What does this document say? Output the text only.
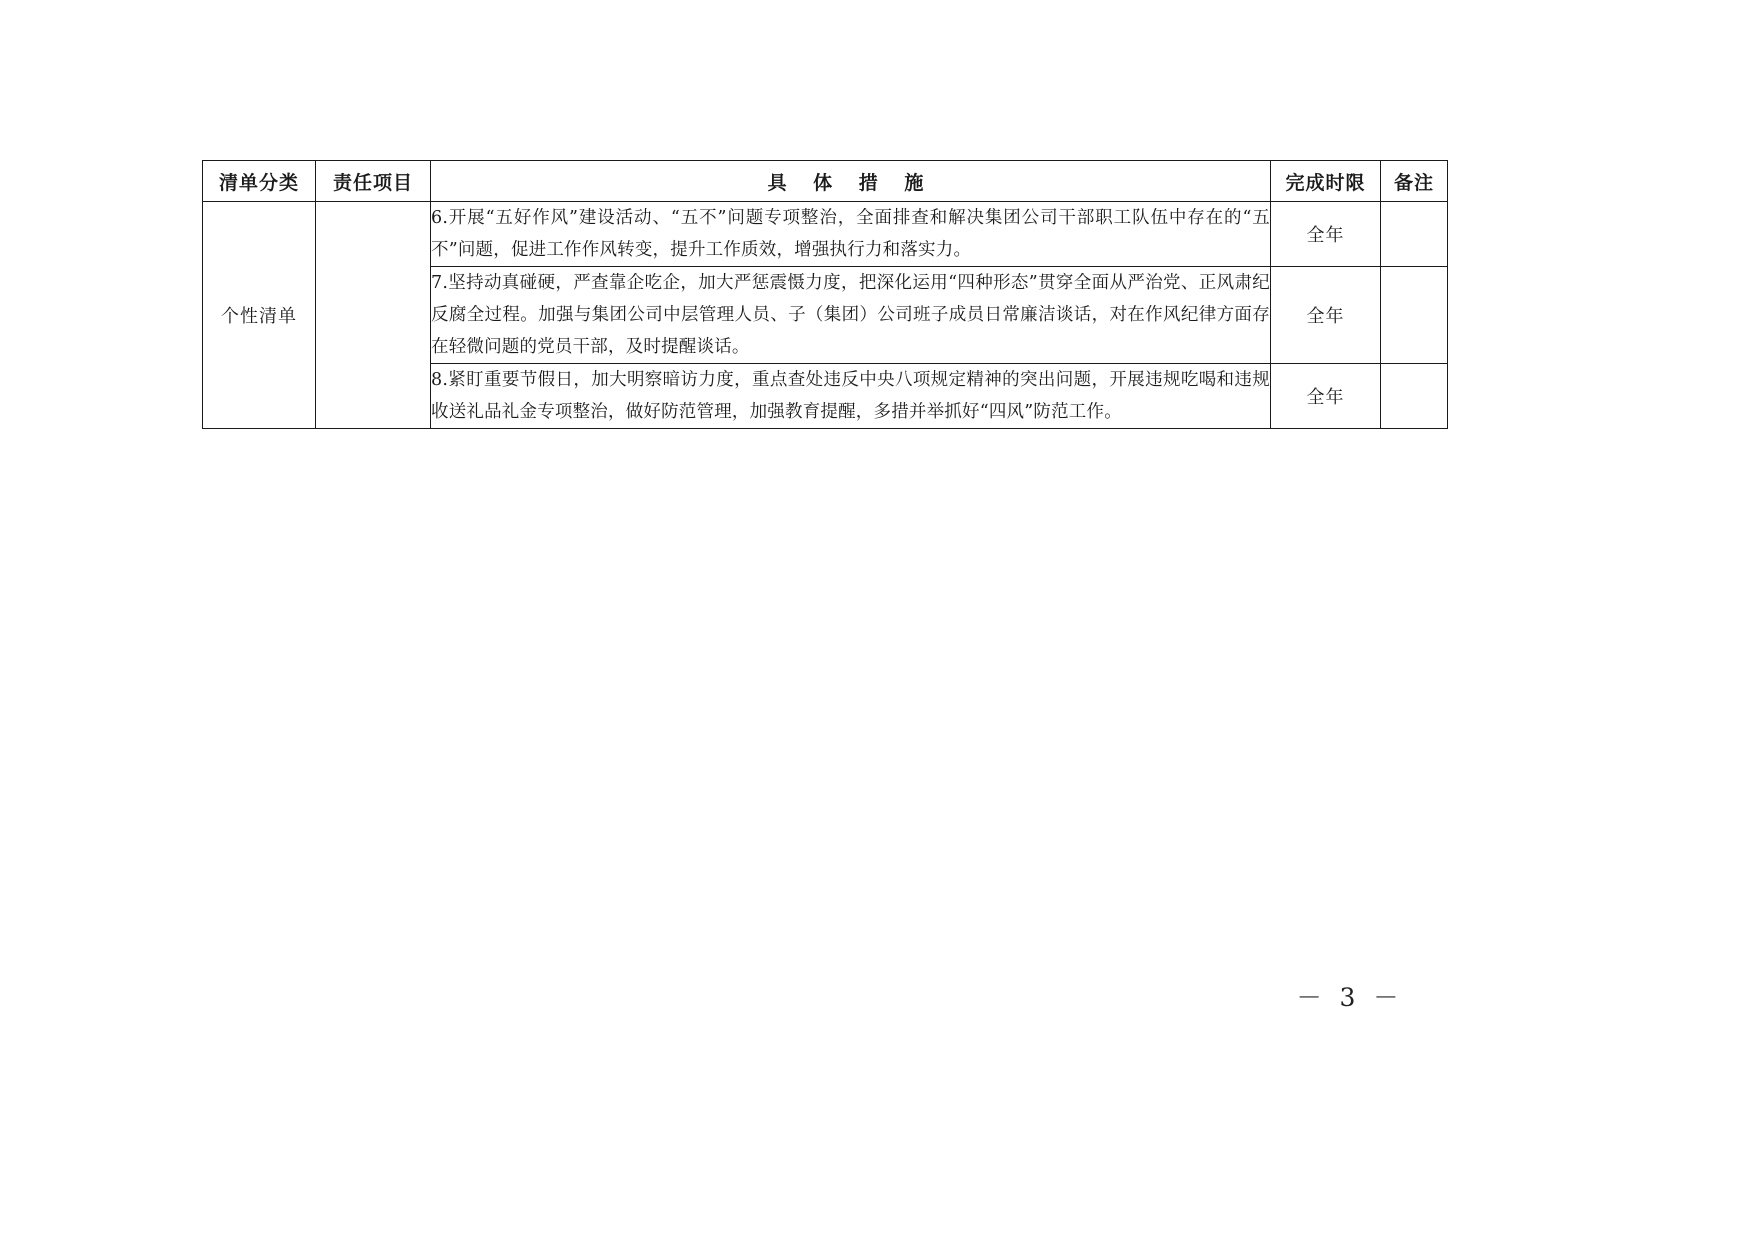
清单分类	责任项目	具 体 措 施	完成时限	备注
个性清单		6.开展“五好作风”建设活动、“五不”问题专项整治，全面排查和解决集团公司干部职工队伍中存在的“五不”问题，促进工作作风转变，提升工作质效，增强执行力和落实力。	全年	
		7.坚持动真碰硬，严查靠企吃企，加大严惩震慑力度，把深化运用“四种形态”贯穿全面从严治党、正风肃纪反腐全过程。加强与集团公司中层管理人员、子（集团）公司班子成员日常廉洁谈话，对在作风纪律方面存在轻微问题的党员干部，及时提醒谈话。	全年	
		8.紧盯重要节假日，加大明察暗访力度，重点查处违反中央八项规定精神的突出问题，开展违规吃喝和违规收送礼品礼金专项整治，做好防范管理，加强教育提醒，多措并举抓好“四风”防范工作。	全年	
－ 3 －
